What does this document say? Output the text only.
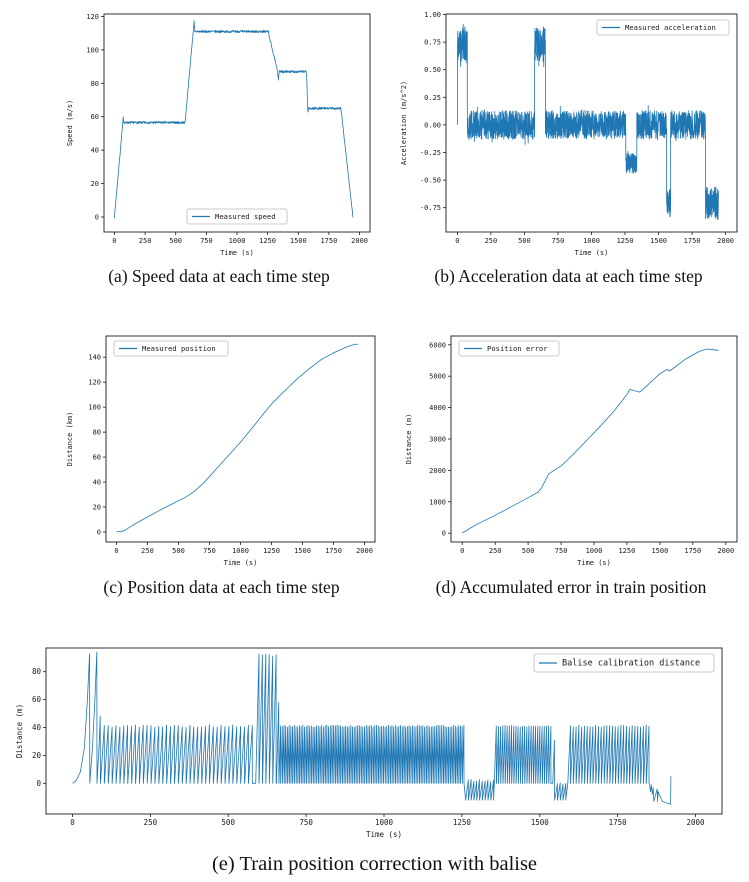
0	250	500	750 1000 1250 1500 1750 2000
0
20
40
60
80
100
120
Time (s)
Speed (m/s)
Measured speed
0	250	500	750	1000 1250 1500 1750 2000
-0.75
-0.50
-0.25
0.00
0.25
0.50
0.75
1.00
Time (s)
Acceleration (m/s^2)
Measured acceleration
0	250	500	750 1000 1250 1500 1750 2000
0
20
40
60
80
100
120
140
Time (s)
Distance (km)
Measured position
0	250	500	750	1000 1250 1500 1750 2000
0
1000
2000
3000
4000
5000
6000
Time (s)
Distance (m)
Position error
0	250	500	750	1000	1250	1500	1750	2000
0
20
40
60
80
Time (s)
Distance (m)
Balise calibration distance
(a) Speed data at each time step	(b) Acceleration data at each time step
(c) Position data at each time step	(d) Accumulated error in train position
(e) Train position correction with balise
